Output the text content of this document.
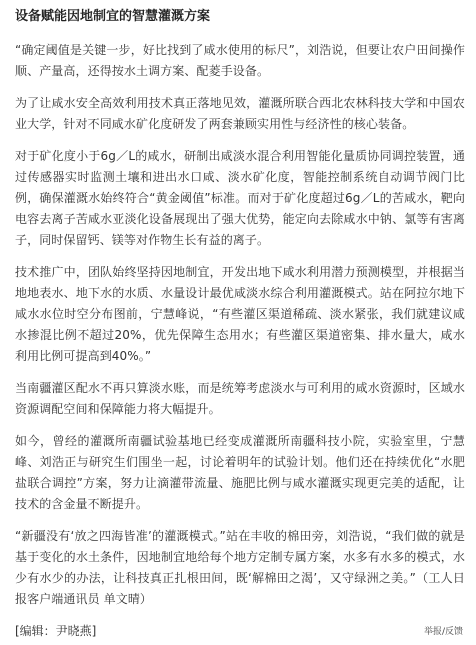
设备赋能因地制宜的智慧灌溉方案

“确定阈值是关键一步，好比找到了咸水使用的标尺”，刘浩说，但要让农户田间操作顺、产量高，还得按水土调方案、配菱手设备。

为了让咸水安全高效利用技术真正落地见效，灌溉所联合西北农林科技大学和中国农业大学，针对不同咸水矿化度研发了两套兼顾实用性与经济性的核心装备。

对于矿化度小于6g／L的咸水，研制出咸淡水混合利用智能化量质协同调控装置，通过传感器实时监测土壤和进出水口咸、淡水矿化度，智能控制系统自动调节阀门比例，确保灌溉水始终符合“黄金阈值”标准。而对于矿化度超过6g／L的苦咸水，靶向电容去离子苦咸水亚淡化设备展现出了强大优势，能定向去除咸水中钠、氯等有害离子，同时保留钙、镁等对作物生长有益的离子。

技术推广中，团队始终坚持因地制宜，开发出地下咸水利用潜力预测模型，并根据当地地表水、地下水的水质、水量设计最优咸淡水综合利用灌溉模式。站在阿拉尔地下咸水水位时空分布图前，宁慧峰说，“有些灌区渠道稀疏、淡水紧张，我们就建议咸水掺混比例不超过20%，优先保障生态用水；有些灌区渠道密集、排水量大，咸水利用比例可提高到40%。”

当南疆灌区配水不再只算淡水账，而是统筹考虑淡水与可利用的咸水资源时，区域水资源调配空间和保障能力将大幅提升。

如今，曾经的灌溉所南疆试验基地已经变成灌溉所南疆科技小院，实验室里，宁慧峰、刘浩正与研究生们围坐一起，讨论着明年的试验计划。他们还在持续优化“水肥盐联合调控”方案，努力让滴灌带流量、施肥比例与咸水灌溉实现更完美的适配，让技术的含金量不断提升。

“新疆没有‘放之四海皆准’的灌溉模式。”站在丰收的棉田旁，刘浩说，“我们做的就是基于变化的水土条件，因地制宜地给每个地方定制专属方案，水多有水多的模式，水少有水少的办法，让科技真正扎根田间，既‘解棉田之渴’，又守绿洲之美。”（工人日报客户端通讯员 单文晴）

[编辑：尹晓燕]	举报/反馈
